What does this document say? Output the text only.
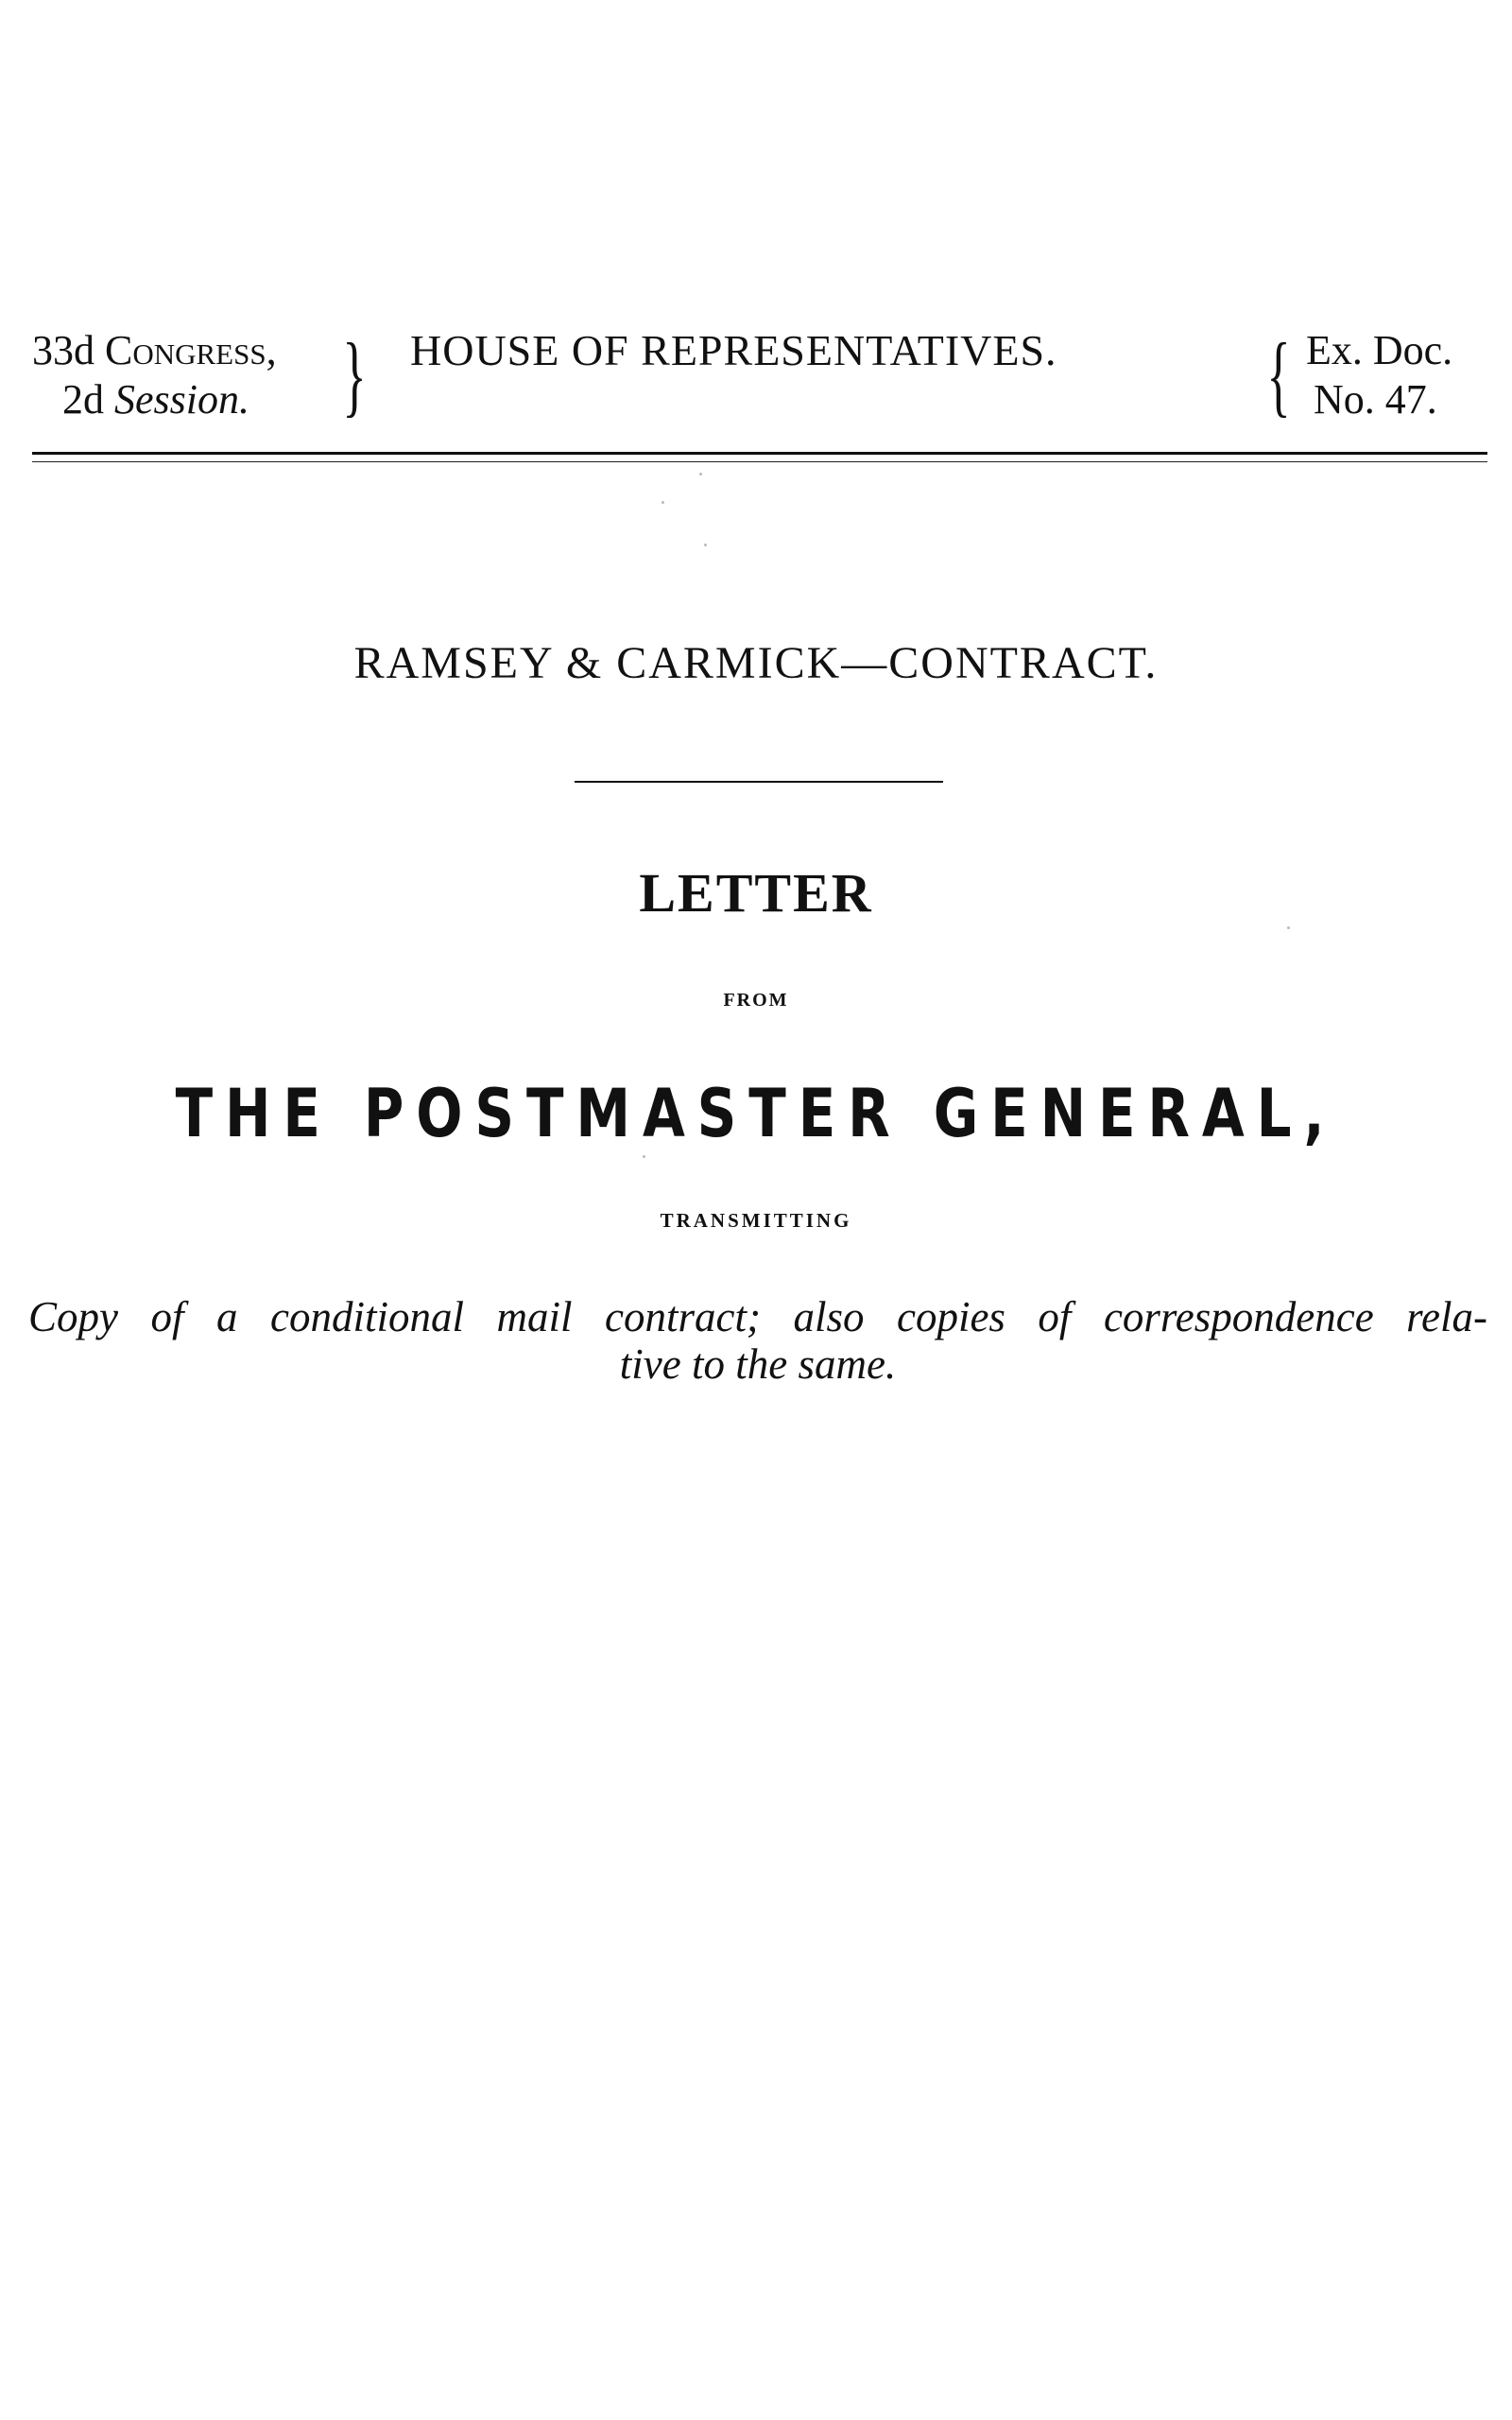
33d Congress,
2d Session.	} HOUSE OF REPRESENTATIVES.	{ Ex. Doc.
No. 47.
RAMSEY & CARMICK—CONTRACT.
LETTER
FROM
THE POSTMASTER GENERAL,
TRANSMITTING
Copy of a conditional mail contract; also copies of correspondence rela-
tive to the same.
